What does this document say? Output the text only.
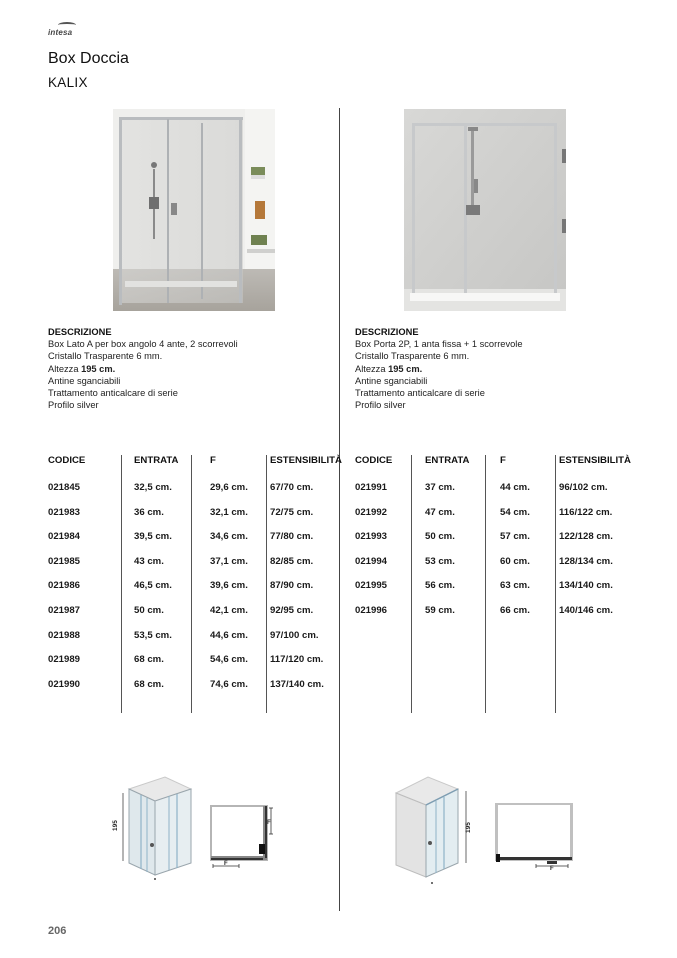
intesa
Box Doccia
KALIX
DESCRIZIONE
Box Lato A per box angolo 4 ante, 2 scorrevoli
Cristallo Trasparente 6 mm.
Altezza 195 cm.
Antine sganciabili
Trattamento anticalcare di serie
Profilo silver
DESCRIZIONE
Box Porta 2P, 1 anta fissa + 1 scorrevole
Cristallo Trasparente 6 mm.
Altezza 195 cm.
Antine sganciabili
Trattamento anticalcare di serie
Profilo silver
CODICE	ENTRATA	F	ESTENSIBILITÀ
021845	32,5 cm.	29,6 cm. 67/70 cm.
021983	36 cm.	32,1 cm. 72/75 cm.
021984	39,5 cm.	34,6 cm. 77/80 cm.
021985	43 cm.	37,1 cm. 82/85 cm.
021986	46,5 cm.	39,6 cm. 87/90 cm.
021987	50 cm.	42,1 cm. 92/95 cm.
021988	53,5 cm.	44,6 cm. 97/100 cm.
021989	68 cm.	54,6 cm. 117/120 cm.
021990	68 cm.	74,6 cm. 137/140 cm.
CODICE	ENTRATA	F	ESTENSIBILITÀ
021991	37 cm.	44 cm.	96/102 cm.
021992	47 cm.	54 cm.	116/122 cm.
021993	50 cm.	57 cm.	122/128 cm.
021994	53 cm.	60 cm.	128/134 cm.
021995	56 cm.	63 cm.	134/140 cm.
021996	59 cm.	66 cm.	140/146 cm.
195	F
F
195
F
206
